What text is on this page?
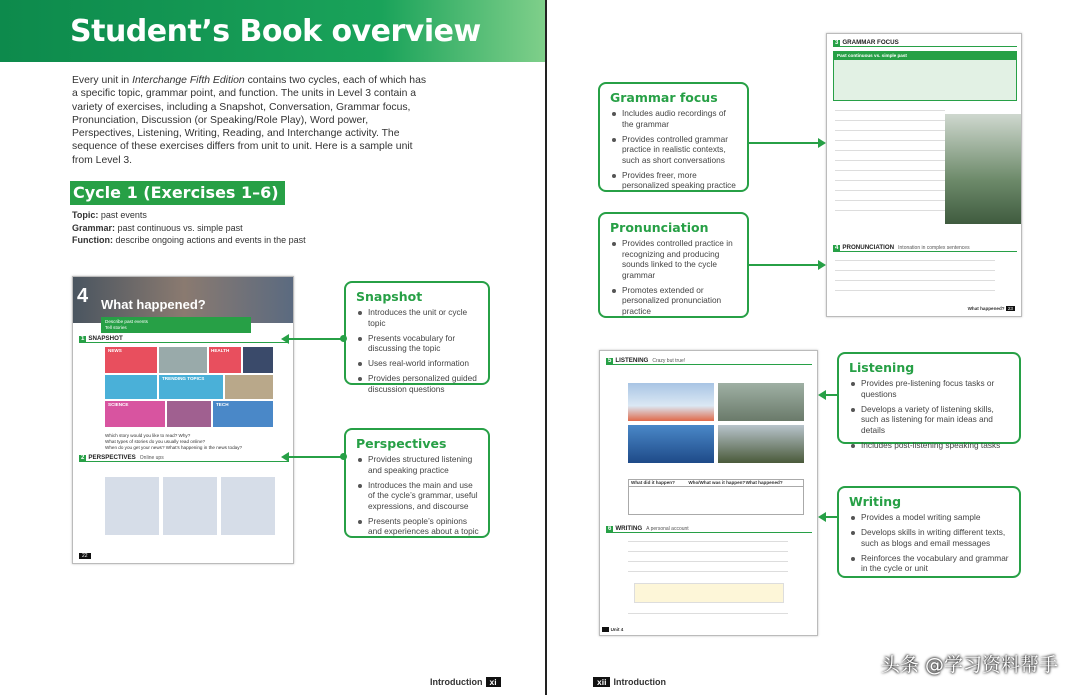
Student’s Book overview

Every unit in Interchange Fifth Edition contains two cycles, each of which has a specific topic, grammar point, and function. The units in Level 3 contain a variety of exercises, including a Snapshot, Conversation, Grammar focus, Pronunciation, Discussion (or Speaking/Role Play), Word power, Perspectives, Listening, Writing, Reading, and Interchange activity. The sequence of these exercises differs from unit to unit. Here is a sample unit from Level 3.

Cycle 1 (Exercises 1–6)
Topic: past events
Grammar: past continuous vs. simple past
Function: describe ongoing actions and events in the past
4 What happened?
Describe past events
Tell stories
1 SNAPSHOT
NEWS	HEALTH
TRENDING TOPICS
SCIENCE	TECH
Which story would you like to read? Why?
What types of stories do you usually read online?
When do you get your news? What’s happening in the news today?
2 PERSPECTIVES Online ups
22
Snapshot
Introduces the unit or cycle topic
Presents vocabulary for discussing the topic
Uses real-world information
Provides personalized guided discussion questions
Perspectives
Provides structured listening and speaking practice
Introduces the main and use of the cycle’s grammar, useful expressions, and discourse
Presents people’s opinions and experiences about a topic
Introduction xi
Grammar focus
Includes audio recordings of the grammar
Provides controlled grammar practice in realistic contexts, such as short conversations
Provides freer, more personalized speaking practice
Pronunciation
Provides controlled practice in recognizing and producing sounds linked to the cycle grammar
Promotes extended or personalized pronunciation practice
Listening
Provides pre-listening focus tasks or questions
Develops a variety of listening skills, such as listening for main ideas and details
Includes post-listening speaking tasks
Writing
Provides a model writing sample
Develops skills in writing different texts, such as blogs and email messages
Reinforces the vocabulary and grammar in the cycle or unit
xii Introduction
3 GRAMMAR FOCUS
Past continuous vs. simple past
4 PRONUNCIATION Intonation in complex sentences
What happened? 23
5 LISTENING Crazy but true!
What did it happen?	Who/What was it happen? What happened?
6 WRITING A personal account
Unit 4
头条 @学习资料帮手
